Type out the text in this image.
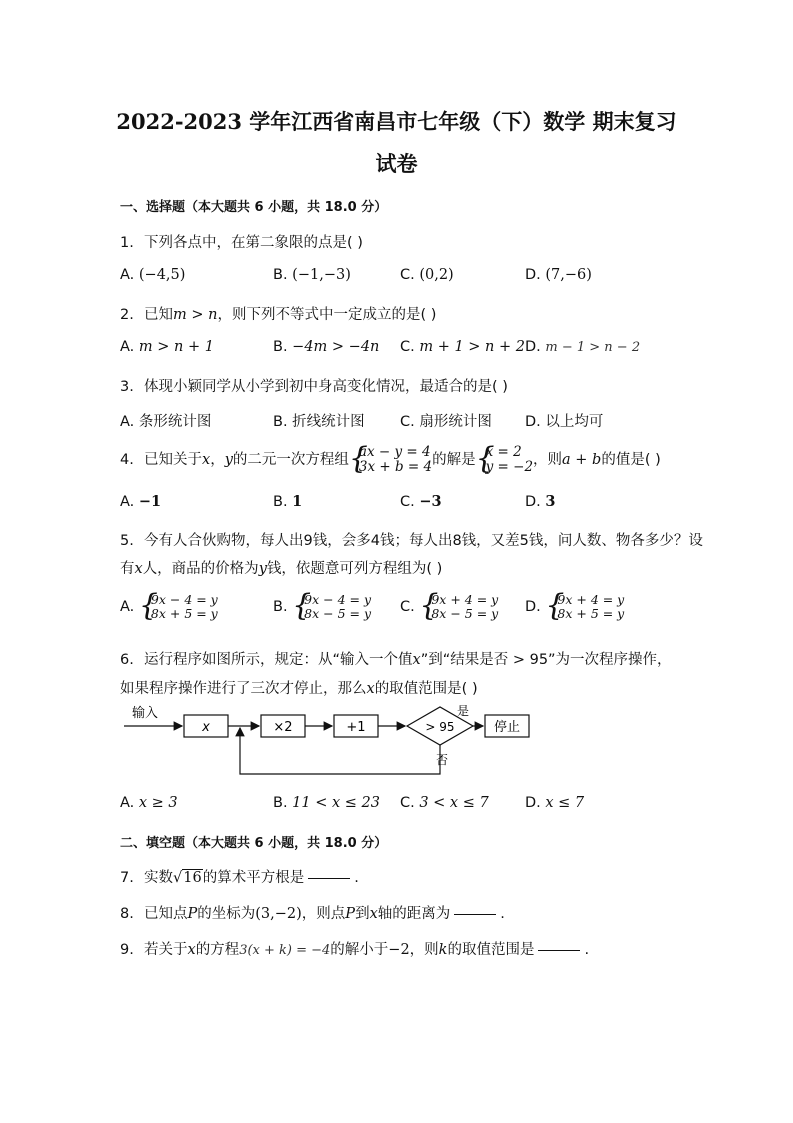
2022-2023 学年江西省南昌市七年级（下）数学 期末复习
试卷
一、选择题（本大题共 6 小题，共 18.0 分）
1. 下列各点中，在第二象限的点是( )
A. (−4,5)	B. (−1,−3)	C. (0,2)	D. (7,−6)
2. 已知m > n，则下列不等式中一定成立的是( )
A. m > n + 1	B. −4m > −4n C. m + 1 > n + 2 D. m − 1 > n − 2
3. 体现小颖同学从小学到初中身高变化情况，最适合的是( )
A. 条形统计图	B. 折线统计图 C. 扇形统计图 D. 以上均可
4. 已知关于x，y的二元一次方程组 {
ax − y = 4
3x + b = 4的解是 {
x = 2
y = −2，则a + b的值是( )
A. −1	B. 1	C. −3	D. 3
5. 今有人合伙购物，每人出9钱，会多4钱；每人出8钱，又差5钱，问人数、物各多少？设
有x人，商品的价格为y钱，依题意可列方程组为( )
A. {
9x − 4 = y
8x + 5 = y	B. {
9x − 4 = y
8x − 5 = y C. {
9x + 4 = y
8x − 5 = y D. {
9x + 4 = y
8x + 5 = y
6. 运行程序如图所示，规定：从“输入一个值x”到“结果是否 > 95”为一次程序操作，
如果程序操作进行了三次才停止，那么x的取值范围是( )
输入
x	×2	+1	> 95
是
停止
否
A. x ≥ 3	B. 11 < x ≤ 23 C. 3 < x ≤ 7	D. x ≤ 7
二、填空题（本大题共 6 小题，共 18.0 分）
7. 实数√16的算术平方根是	.
8. 已知点P的坐标为(3,−2)，则点P到x轴的距离为	.
9. 若关于x的方程3(x + k) = −4的解小于−2，则k的取值范围是	.
